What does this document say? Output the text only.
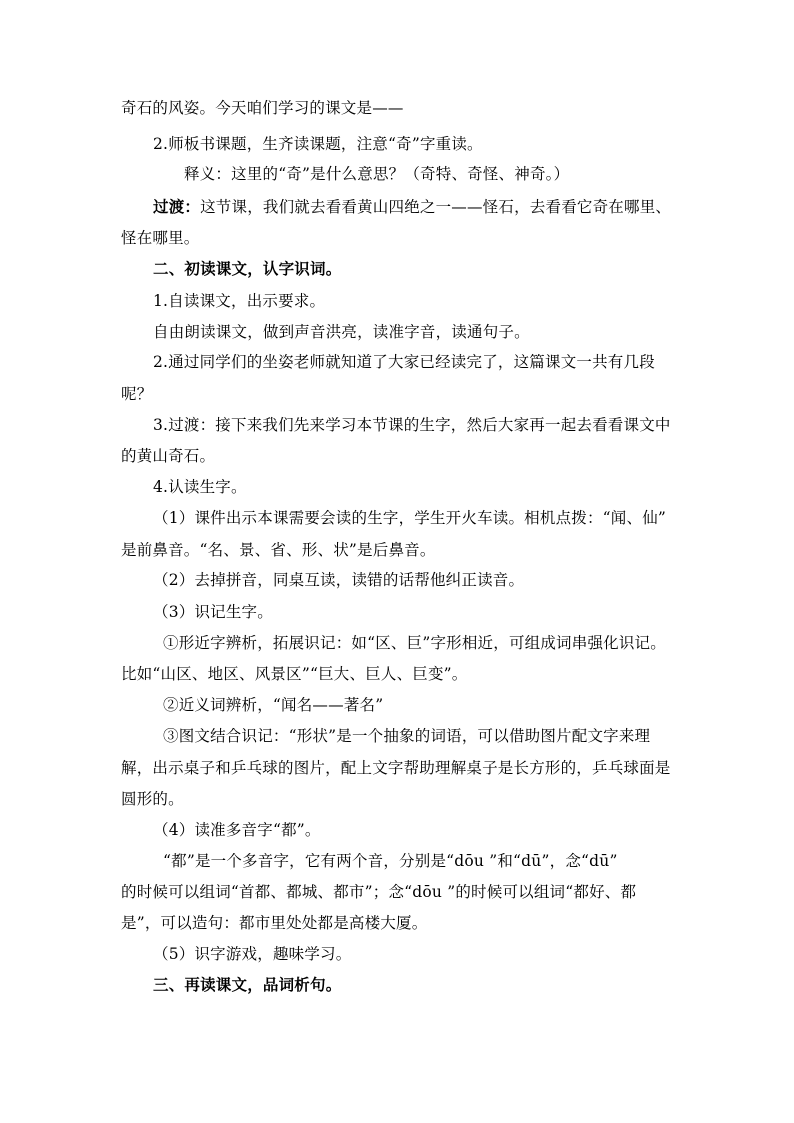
奇石的风姿。今天咱们学习的课文是——
2.师板书课题，生齐读课题，注意“奇”字重读。
释义：这里的“奇”是什么意思？（奇特、奇怪、神奇。）
过渡：这节课，我们就去看看黄山四绝之一——怪石，去看看它奇在哪里、
怪在哪里。
二、初读课文，认字识词。
1.自读课文，出示要求。
自由朗读课文，做到声音洪亮，读准字音，读通句子。
2.通过同学们的坐姿老师就知道了大家已经读完了，这篇课文一共有几段
呢？
3.过渡：接下来我们先来学习本节课的生字，然后大家再一起去看看课文中
的黄山奇石。
4.认读生字。
（1）课件出示本课需要会读的生字，学生开火车读。相机点拨：“闻、仙”
是前鼻音。“名、景、省、形、状”是后鼻音。
（2）去掉拼音，同桌互读，读错的话帮他纠正读音。
（3）识记生字。
①形近字辨析，拓展识记：如“区、巨”字形相近，可组成词串强化识记。
比如“山区、地区、风景区”“巨大、巨人、巨变”。
②近义词辨析，“闻名——著名”
③图文结合识记：“形状”是一个抽象的词语，可以借助图片配文字来理
解，出示桌子和乒乓球的图片，配上文字帮助理解桌子是长方形的，乒乓球面是
圆形的。
（4）读准多音字“都”。
“都”是一个多音字，它有两个音，分别是“dōu ”和“dū”，念“dū”
的时候可以组词“首都、都城、都市”；念“dōu ”的时候可以组词“都好、都
是”，可以造句：都市里处处都是高楼大厦。
（5）识字游戏，趣味学习。
三、再读课文，品词析句。
